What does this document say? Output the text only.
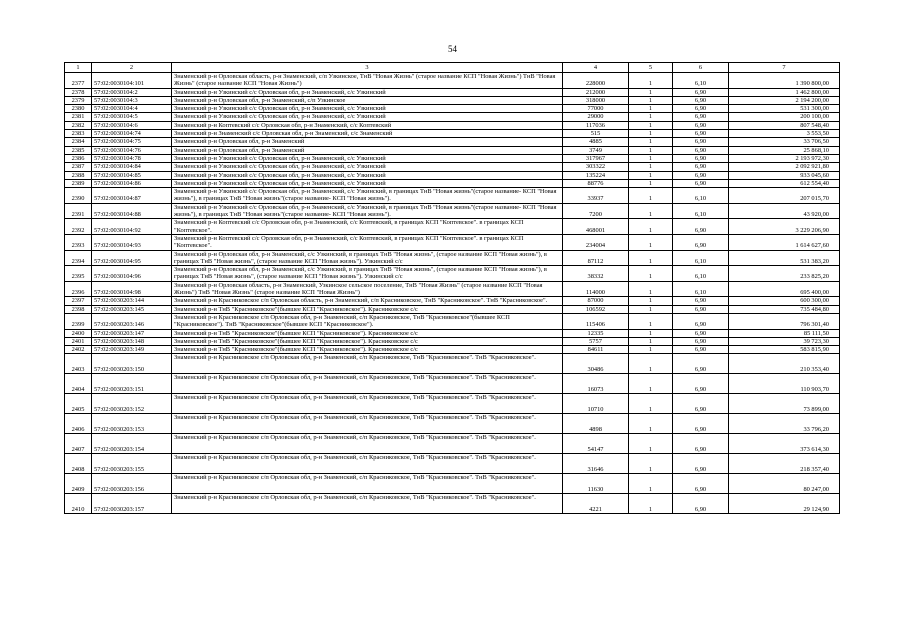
54
1	2	3	4	5	6	7
2377	57:02:0030104:101	Знаменский р-н Орловская область, р-н Знаменский, с/п Узкинское, ТнВ "Новая Жизнь" (старое название КСП "Новая Жизнь") ТнВ "Новая Жизнь" (старое название КСП "Новая Жизнь")	228000	1	6,10	1 390 800,00
2378	57:02:0030104:2	Знаменский р-н Узкинский с/с Орловская обл, р-н Знаменский, с/с Узкинский	212000	1	6,90	1 462 800,00
2379	57:02:0030104:3	Знаменский р-н Орловская обл, р-н Знаменский, с/п Узкинское	318000	1	6,90	2 194 200,00
2380	57:02:0030104:4	Знаменский р-н Узкинский с/с Орловская обл, р-н Знаменский, с/с Узкинский	77000	1	6,90	531 300,00
2381	57:02:0030104:5	Знаменский р-н Узкинский с/с Орловская обл, р-н Знаменский, с/с Узкинский	29000	1	6,90	200 100,00
2382	57:02:0030104:6	Знаменский р-н Коптевский с/с Орловская обл, р-н Знаменский, с/с Коптевский	117036	1	6,90	807 548,40
2383	57:02:0030104:74	Знаменский р-н Знаменский с/с Орловская обл, р-н Знаменский, с/с Знаменский	515	1	6,90	3 553,50
2384	57:02:0030104:75	Знаменский р-н Орловская обл, р-н Знаменский	4885	1	6,90	33 706,50
2385	57:02:0030104:76	Знаменский р-н Орловская обл, р-н Знаменский	3749	1	6,90	25 868,10
2386	57:02:0030104:78	Знаменский р-н Узкинский с/с Орловская обл, р-н Знаменский, с/с Узкинский	317967	1	6,90	2 193 972,30
2387	57:02:0030104:84	Знаменский р-н Узкинский с/с Орловская обл, р-н Знаменский, с/с Узкинский	303322	1	6,90	2 092 921,80
2388	57:02:0030104:85	Знаменский р-н Узкинский с/с Орловская обл, р-н Знаменский, с/с Узкинский	135224	1	6,90	933 045,60
2389	57:02:0030104:86	Знаменский р-н Узкинский с/с Орловская обл, р-н Знаменский, с/с Узкинский	88776	1	6,90	612 554,40
2390	57:02:0030104:87	Знаменский р-н Узкинский с/с Орловская обл, р-н Знаменский, с/с Узкинский, в границах ТнВ "Новая жизнь"(старое название- КСП "Новая жизнь"), в границах ТнВ "Новая жизнь"(старое название- КСП "Новая жизнь").	33937	1	6,10	207 015,70
2391	57:02:0030104:88	Знаменский р-н Узкинский с/с Орловская обл, р-н Знаменский, с/с Узкинский, в границах ТнВ "Новая жизнь"(старое название- КСП "Новая жизнь"), в границах ТнВ "Новая жизнь"(старое название- КСП "Новая жизнь").	7200	1	6,10	43 920,00
2392	57:02:0030104:92	Знаменский р-н Коптевский с/с Орловская обл, р-н Знаменский, с/с Коптевский, в границах КСП "Коптевское". в границах КСП "Коптевское".	468001	1	6,90	3 229 206,90
2393	57:02:0030104:93	Знаменский р-н Коптевский с/с Орловская обл, р-н Знаменский, с/с Коптевский, в границах КСП "Коптевское". в границах КСП "Коптевское".	234004	1	6,90	1 614 627,60
2394	57:02:0030104:95	Знаменский р-н Орловская обл, р-н Знаменский, с/с Узкинский, в границах ТнВ "Новая жизнь", (старое название КСП "Новая жизнь"), в границах ТнВ "Новая жизнь", (старое название КСП "Новая жизнь"). Узкинский с/с	87112	1	6,10	531 383,20
2395	57:02:0030104:96	Знаменский р-н Орловская обл, р-н Знаменский, с/с Узкинский, в границах ТнВ "Новая жизнь", (старое название КСП "Новая жизнь"), в границах ТнВ "Новая жизнь", (старое название КСП "Новая жизнь"). Узкинский с/с	38332	1	6,10	233 825,20
2396	57:02:0030104:98	Знаменский р-н Орловская область, р-н Знаменский, Узкинское сельское поселение, ТнВ "Новая Жизнь" (старое название КСП "Новая Жизнь") ТнВ "Новая Жизнь" (старое название КСП "Новая Жизнь")	114000	1	6,10	695 400,00
2397	57:02:0030203:144	Знаменский р-н Красниковское с/п Орловская область, р-н Знаменский, с/п Красниковское, ТнВ "Красниковское". ТнВ "Красниковское".	87000	1	6,90	600 300,00
2398	57:02:0030203:145	Знаменский р-н ТнВ "Красниковское"(бывшее КСП "Красниковское"). Красниковское с/с	106592	1	6,90	735 484,80
2399	57:02:0030203:146	Знаменский р-н Красниковское с/п Орловская обл, р-н Знаменский, с/п Красниковское, ТнВ "Красниковское"(бывшее КСП "Красниковское"). ТнВ "Красниковское"(бывшее КСП "Красниковское").	115406	1	6,90	796 301,40
2400	57:02:0030203:147	Знаменский р-н ТнВ "Красниковское"(бывшее КСП "Красниковское"). Красниковское с/с	12335	1	6,90	85 111,50
2401	57:02:0030203:148	Знаменский р-н ТнВ "Красниковское"(бывшее КСП "Красниковское"). Красниковское с/с	5757	1	6,90	39 723,30
2402	57:02:0030203:149	Знаменский р-н ТнВ "Красниковское"(бывшее КСП "Красниковское"). Красниковское с/с	84611	1	6,90	583 815,90
2403	57:02:0030203:150	Знаменский р-н Красниковское с/п Орловская обл, р-н Знаменский, с/п Красниковское, ТнВ "Красниковское". ТнВ "Красниковское".	30486	1	6,90	210 353,40
2404	57:02:0030203:151	Знаменский р-н Красниковское с/п Орловская обл, р-н Знаменский, с/п Красниковское, ТнВ "Красниковское". ТнВ "Красниковское".	16073	1	6,90	110 903,70
2405	57:02:0030203:152	Знаменский р-н Красниковское с/п Орловская обл, р-н Знаменский, с/п Красниковское, ТнВ "Красниковское". ТнВ "Красниковское".	10710	1	6,90	73 899,00
2406	57:02:0030203:153	Знаменский р-н Красниковское с/п Орловская обл, р-н Знаменский, с/п Красниковское, ТнВ "Красниковское". ТнВ "Красниковское".	4898	1	6,90	33 796,20
2407	57:02:0030203:154	Знаменский р-н Красниковское с/п Орловская обл, р-н Знаменский, с/п Красниковское, ТнВ "Красниковское". ТнВ "Красниковское".	54147	1	6,90	373 614,30
2408	57:02:0030203:155	Знаменский р-н Красниковское с/п Орловская обл, р-н Знаменский, с/п Красниковское, ТнВ "Красниковское". ТнВ "Красниковское".	31646	1	6,90	218 357,40
2409	57:02:0030203:156	Знаменский р-н Красниковское с/п Орловская обл, р-н Знаменский, с/п Красниковское, ТнВ "Красниковское". ТнВ "Красниковское".	11630	1	6,90	80 247,00
2410	57:02:0030203:157	Знаменский р-н Красниковское с/п Орловская обл, р-н Знаменский, с/п Красниковское, ТнВ "Красниковское". ТнВ "Красниковское".	4221	1	6,90	29 124,90
